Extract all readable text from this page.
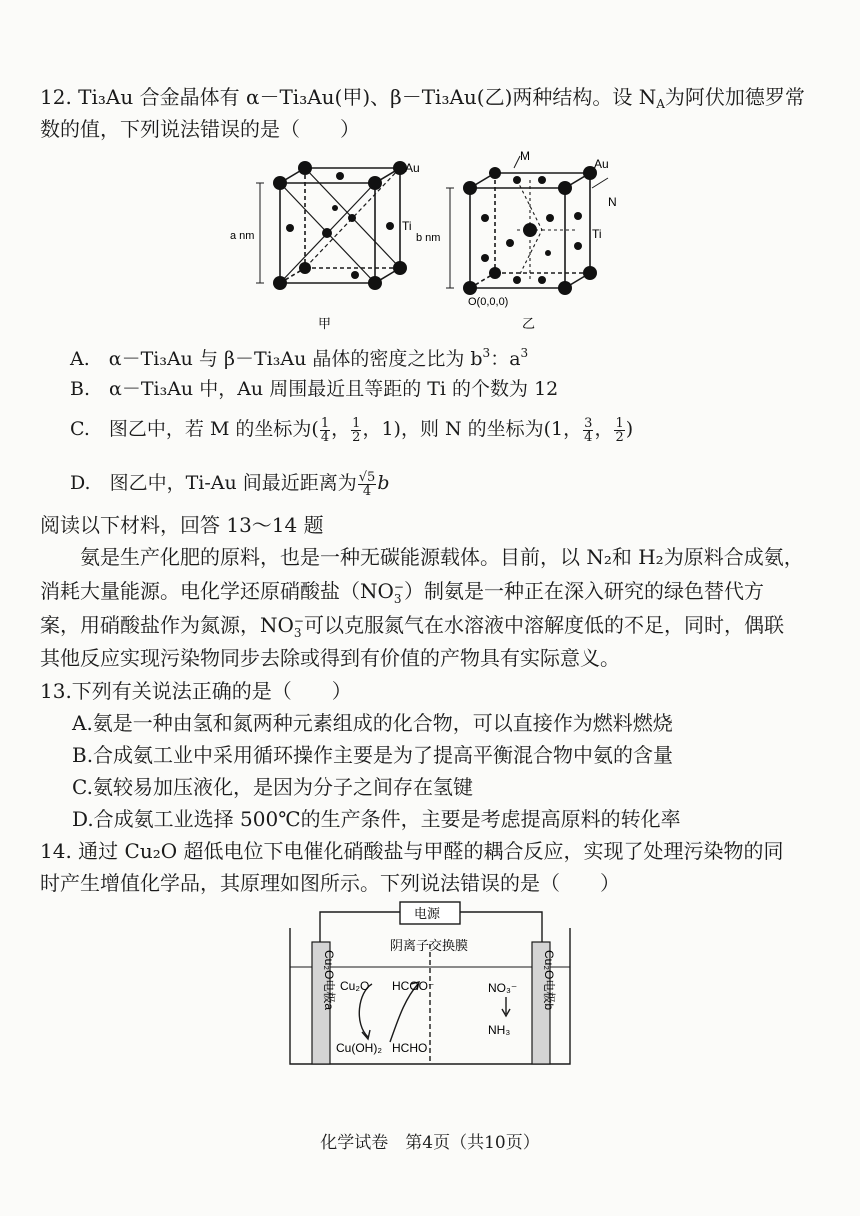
12. Ti₃Au 合金晶体有 α－Ti₃Au(甲)、β－Ti₃Au(乙)两种结构。设 $N_A$为阿伏加德罗常
数的值，下列说法错误的是（　　）
Au
Ti
a nm
甲
Au
M
N
Ti
b nm
O(0,0,0)
乙
A.　α－Ti₃Au 与 β－Ti₃Au 晶体的密度之比为 $b^3$：$a^3$
B.　α－Ti₃Au 中，Au 周围最近且等距的 Ti 的个数为 12
C.　图乙中，若 M 的坐标为( $\frac{1}{4}$ ， $\frac{1}{2}$ ，1)，则 N 的坐标为(1， $\frac{3}{4}$ ， $\frac{1}{2}$ )
D.　图乙中，Ti-Au 间最近距离为 $\frac{√5}{4}$ b
阅读以下材料，回答 13～14 题
　　氨是生产化肥的原料，也是一种无碳能源载体。目前，以 N₂和 H₂为原料合成氨，
消耗大量能源。电化学还原硝酸盐（NO −
3 ）制氨是一种正在深入研究的绿色替代方
案，用硝酸盐作为氮源，NO −
3 可以克服氮气在水溶液中溶解度低的不足，同时，偶联
其他反应实现污染物同步去除或得到有价值的产物具有实际意义。
13.下列有关说法正确的是（　　）
A.氨是一种由氢和氮两种元素组成的化合物，可以直接作为燃料燃烧
B.合成氨工业中采用循环操作主要是为了提高平衡混合物中氨的含量
C.氨较易加压液化，是因为分子之间存在氢键
D.合成氨工业选择 500℃的生产条件，主要是考虑提高原料的转化率
14. 通过 Cu₂O 超低电位下电催化硝酸盐与甲醛的耦合反应，实现了处理污染物的同
时产生增值化学品，其原理如图所示。下列说法错误的是（　　）
电源
阴离子交换膜
Cu₂O电极a	Cu₂O电极b
Cu₂O HCOO⁻
Cu(OH)₂ HCHO
NO₃⁻
NH₃
化学试卷　第4页（共10页）
